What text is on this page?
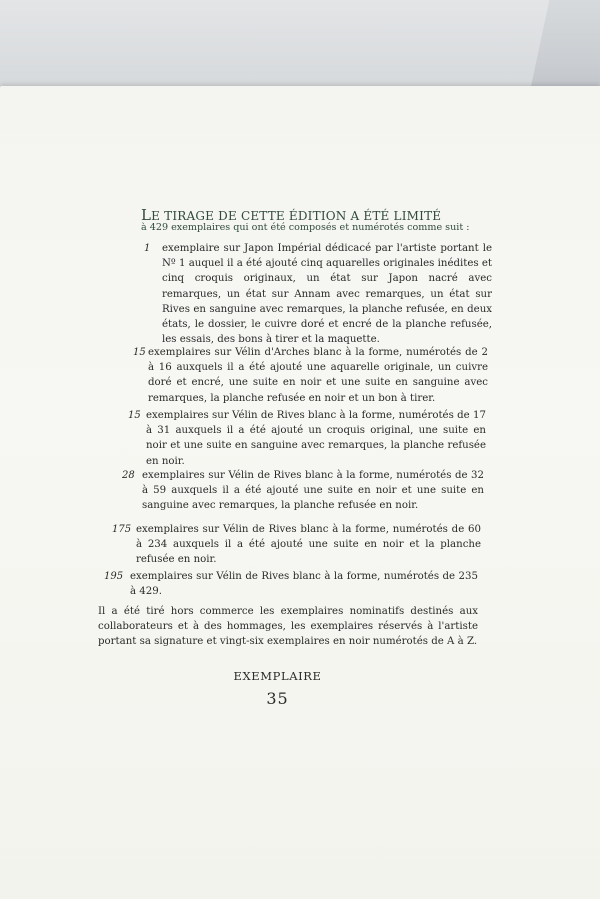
LE TIRAGE DE CETTE ÉDITION A ÉTÉ LIMITÉ
à 429 exemplaires qui ont été composés et numérotés comme suit :
1 exemplaire sur Japon Impérial dédicacé par l'artiste portant le Nº 1 auquel il a été ajouté cinq aquarelles originales inédites et cinq croquis originaux, un état sur Japon nacré avec remarques, un état sur Annam avec remarques, un état sur Rives en sanguine avec remarques, la planche refusée, en deux états, le dossier, le cuivre doré et encré de la planche refusée, les essais, des bons à tirer et la maquette.
15 exemplaires sur Vélin d'Arches blanc à la forme, numérotés de 2 à 16 auxquels il a été ajouté une aquarelle originale, un cuivre doré et encré, une suite en noir et une suite en sanguine avec remarques, la planche refusée en noir et un bon à tirer.
15 exemplaires sur Vélin de Rives blanc à la forme, numérotés de 17 à 31 auxquels il a été ajouté un croquis original, une suite en noir et une suite en sanguine avec remarques, la planche refusée en noir.
28 exemplaires sur Vélin de Rives blanc à la forme, numérotés de 32 à 59 auxquels il a été ajouté une suite en noir et une suite en sanguine avec remarques, la planche refusée en noir.
175 exemplaires sur Vélin de Rives blanc à la forme, numérotés de 60 à 234 auxquels il a été ajouté une suite en noir et la planche refusée en noir.
195 exemplaires sur Vélin de Rives blanc à la forme, numérotés de 235 à 429.
Il a été tiré hors commerce les exemplaires nominatifs destinés aux collaborateurs et à des hommages, les exemplaires réservés à l'artiste portant sa signature et vingt-six exemplaires en noir numérotés de A à Z.
EXEMPLAIRE
35
